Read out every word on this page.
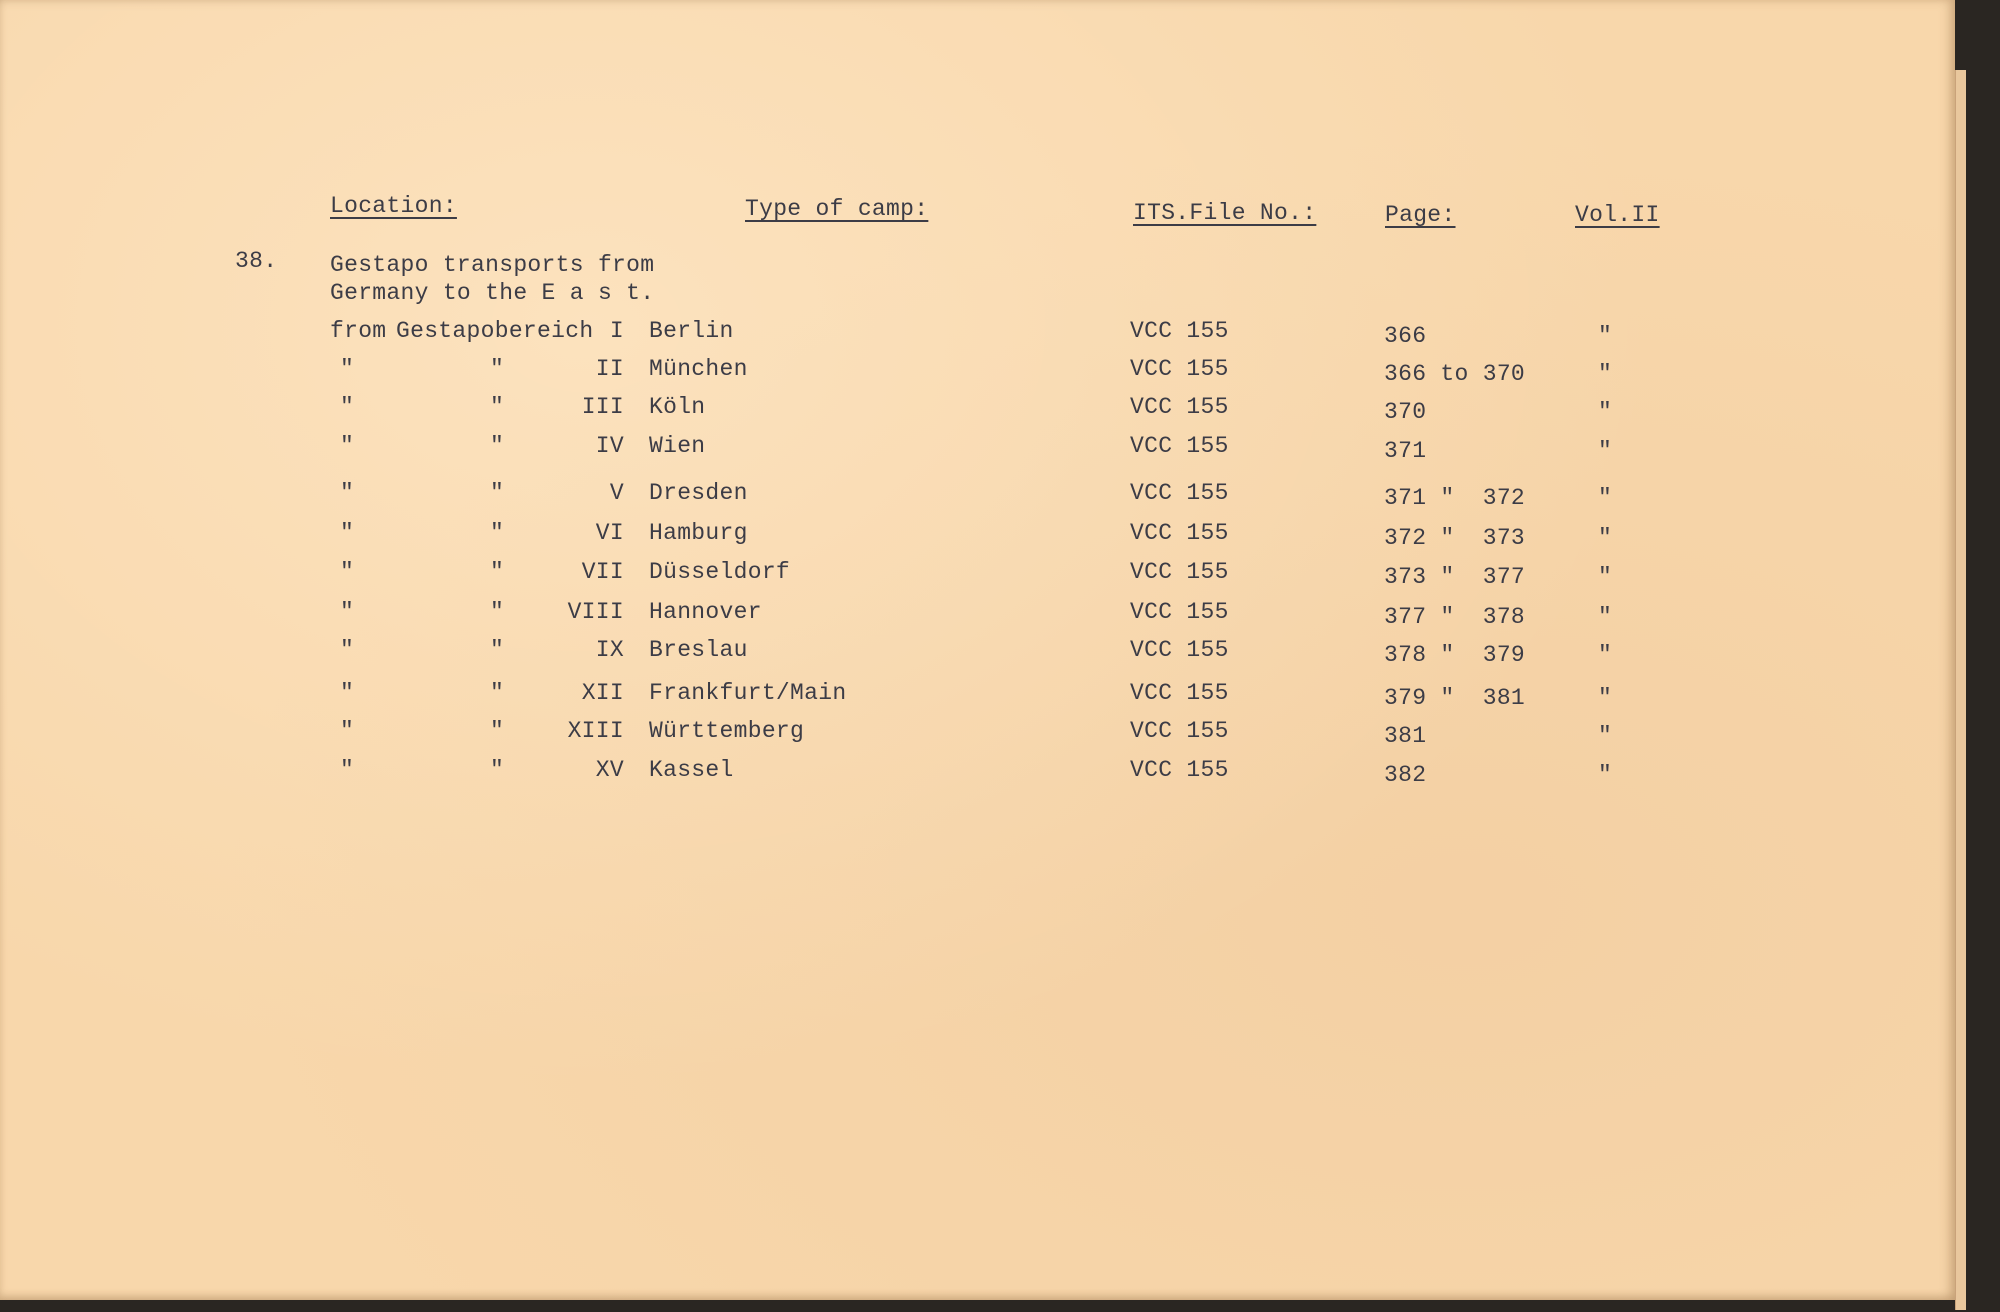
Location:	Type of camp:	ITS.File No.:	Page:	Vol.II
38. Gestapo transports from
Germany to the E a s t.
from Gestapobereich I Berlin	VCC 155	366	"
"	"	II München	VCC 155	366 to 370	"
"	"	III Köln	VCC 155	370	"
"	"	IV Wien	VCC 155	371	"
"	"	V Dresden	VCC 155	371 "  372	"
"	"	VI Hamburg	VCC 155	372 "  373	"
"	"	VII Düsseldorf	VCC 155	373 "  377	"
"	"	VIII Hannover	VCC 155	377 "  378	"
"	"	IX Breslau	VCC 155	378 "  379	"
"	"	XII Frankfurt/Main	VCC 155	379 "  381	"
"	"	XIII Württemberg	VCC 155	381	"
"	"	XV Kassel	VCC 155	382	"
